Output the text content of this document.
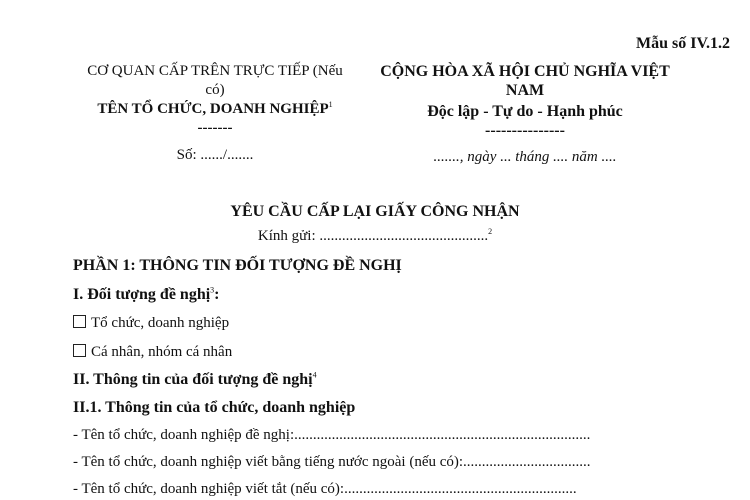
Mẫu số IV.1.2
CƠ QUAN CẤP TRÊN TRỰC TIẾP (Nếu
có)
TÊN TỔ CHỨC, DOANH NGHIỆP$^1$
-------
Số: ....../.......
CỘNG HÒA XÃ HỘI CHỦ NGHĨA VIỆT
NAM
Độc lập - Tự do - Hạnh phúc
---------------
......., ngày ... tháng .... năm ....
YÊU CẦU CẤP LẠI GIẤY CÔNG NHẬN
Kính gửi: .............................................$^2$
PHẦN 1: THÔNG TIN ĐỐI TƯỢNG ĐỀ NGHỊ
I. Đối tượng đề nghị$^3$:
Tổ chức, doanh nghiệp
Cá nhân, nhóm cá nhân
II. Thông tin của đối tượng đề nghị$^4$
II.1. Thông tin của tổ chức, doanh nghiệp
- Tên tổ chức, doanh nghiệp đề nghị:...............................................................................
- Tên tổ chức, doanh nghiệp viết bằng tiếng nước ngoài (nếu có):..................................
- Tên tổ chức, doanh nghiệp viết tắt (nếu có):..............................................................
